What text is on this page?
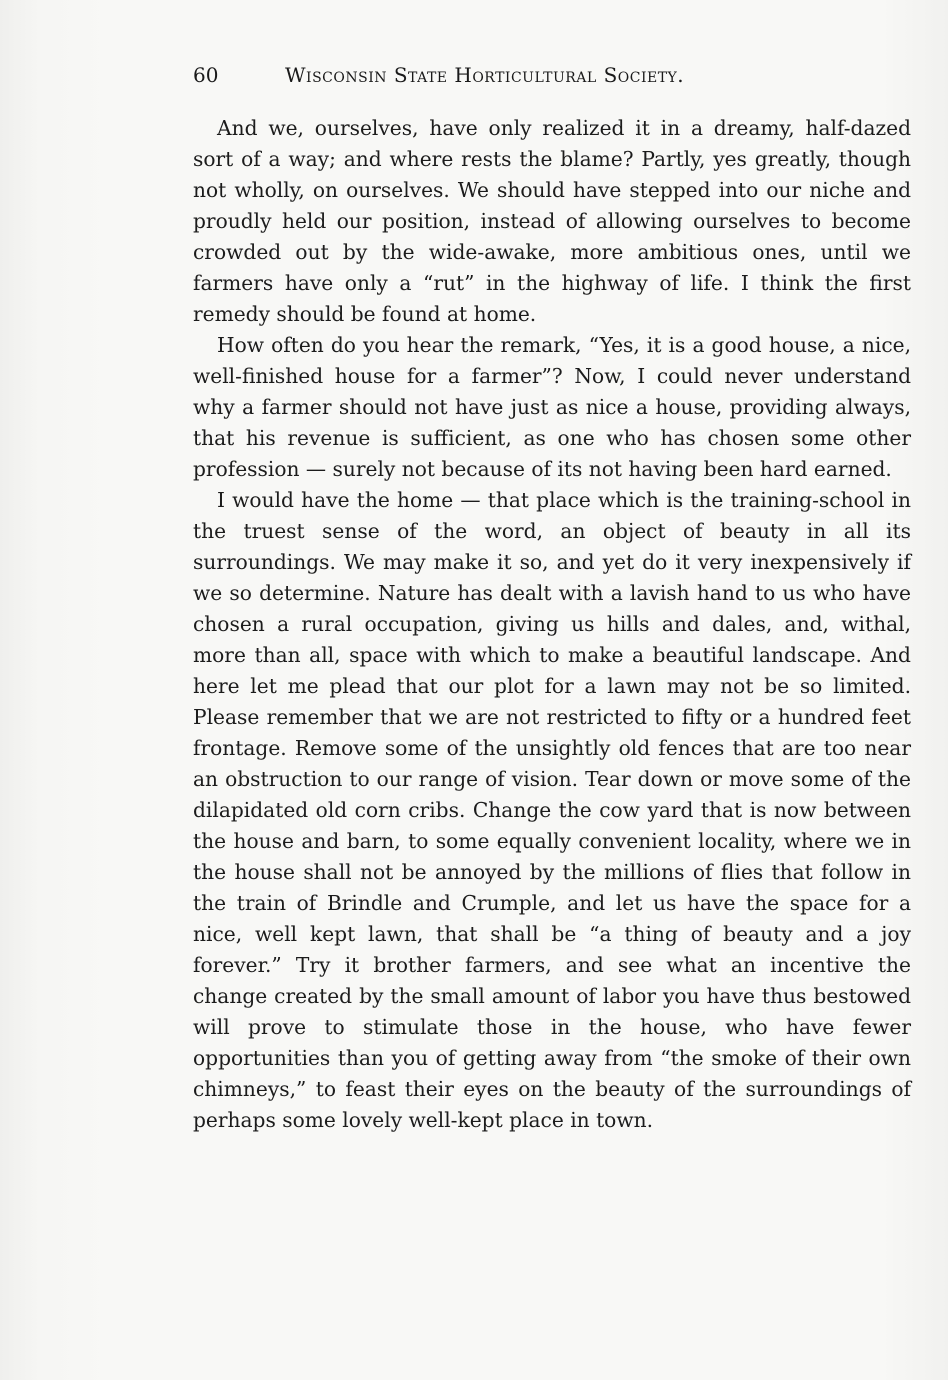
60	Wisconsin State Horticultural Society.

And we, ourselves, have only realized it in a dreamy, half-dazed sort of a way; and where rests the blame? Partly, yes greatly, though not wholly, on ourselves. We should have stepped into our niche and proudly held our position, instead of allowing ourselves to become crowded out by the wide-awake, more ambitious ones, until we farmers have only a “rut” in the highway of life. I think the first remedy should be found at home.

How often do you hear the remark, “Yes, it is a good house, a nice, well-finished house for a farmer”? Now, I could never understand why a farmer should not have just as nice a house, providing always, that his revenue is sufficient, as one who has chosen some other profession — surely not because of its not having been hard earned.

I would have the home — that place which is the training-school in the truest sense of the word, an object of beauty in all its surroundings. We may make it so, and yet do it very inexpensively if we so determine. Nature has dealt with a lavish hand to us who have chosen a rural occupation, giving us hills and dales, and, withal, more than all, space with which to make a beautiful landscape. And here let me plead that our plot for a lawn may not be so limited. Please remember that we are not restricted to fifty or a hundred feet frontage. Remove some of the unsightly old fences that are too near an obstruction to our range of vision. Tear down or move some of the dilapidated old corn cribs. Change the cow yard that is now between the house and barn, to some equally convenient locality, where we in the house shall not be annoyed by the millions of flies that follow in the train of Brindle and Crumple, and let us have the space for a nice, well kept lawn, that shall be “a thing of beauty and a joy forever.” Try it brother farmers, and see what an incentive the change created by the small amount of labor you have thus bestowed will prove to stimulate those in the house, who have fewer opportunities than you of getting away from “the smoke of their own chimneys,” to feast their eyes on the beauty of the surroundings of perhaps some lovely well-kept place in town.
